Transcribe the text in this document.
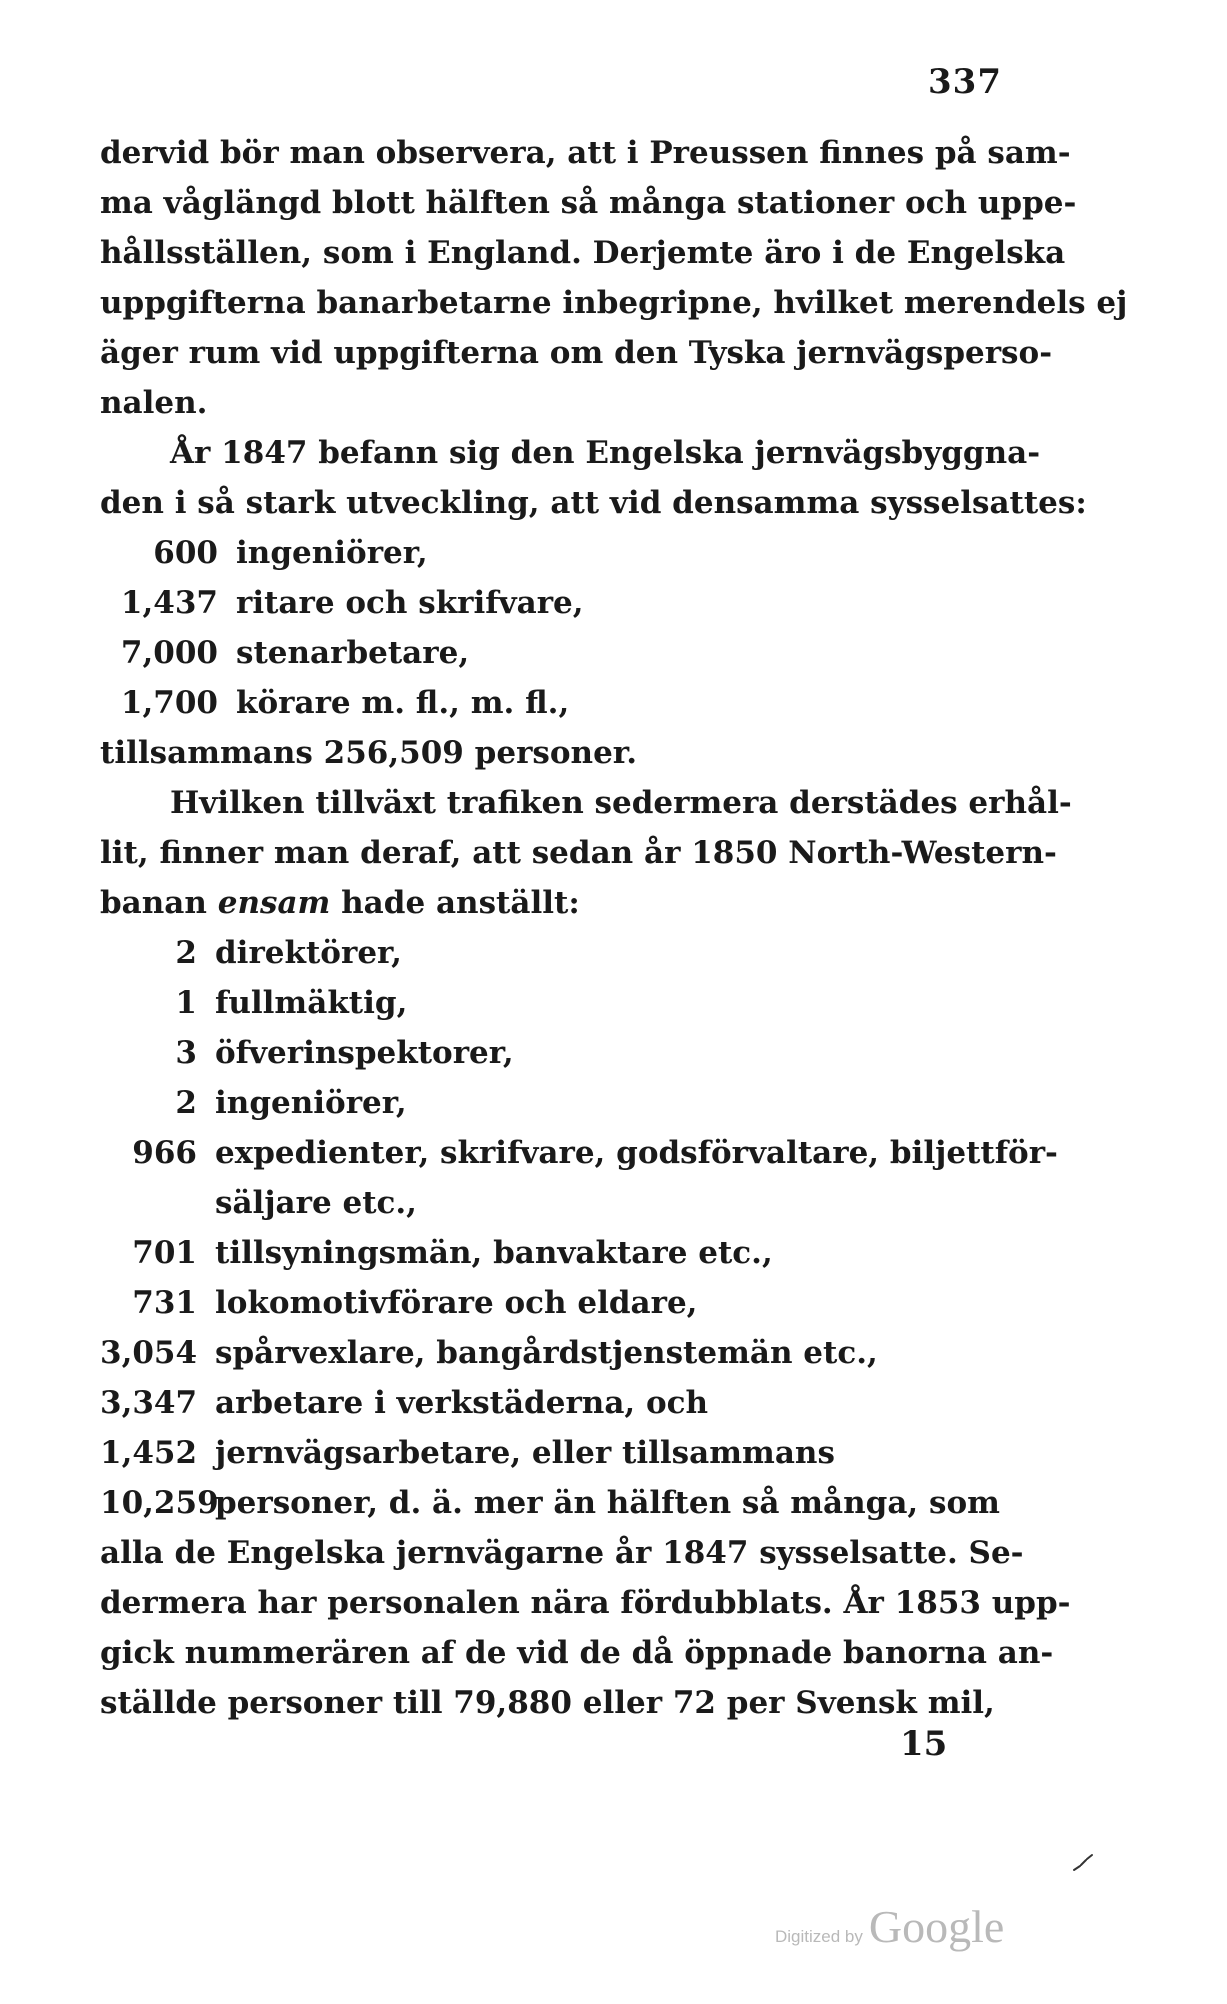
337
dervid bör man observera, att i Preussen finnes på sam-
ma våglängd blott hälften så många stationer och uppe-
hållsställen, som i England. Derjemte äro i de Engelska
uppgifterna banarbetarne inbegripne, hvilket merendels ej
äger rum vid uppgifterna om den Tyska jernvägsperso-
nalen.
År 1847 befann sig den Engelska jernvägsbyggna-
den i så stark utveckling, att vid densamma sysselsattes:
600 ingeniörer,
1,437 ritare och skrifvare,
7,000 stenarbetare,
1,700 körare m. fl., m. fl.,
tillsammans 256,509 personer.
Hvilken tillväxt trafiken sedermera derstädes erhål-
lit, finner man deraf, att sedan år 1850 North-Western-
banan
ensam
hade anställt:
2 direktörer,
1 fullmäktig,
3 öfverinspektorer,
2 ingeniörer,
966 expedienter, skrifvare, godsförvaltare, biljettför-
säljare etc.,
701 tillsyningsmän, banvaktare etc.,
731 lokomotivförare och eldare,
3,054 spårvexlare, bangårdstjenstemän etc.,
3,347 arbetare i verkstäderna, och
1,452 jernvägsarbetare, eller tillsammans
10,259
personer, d. ä. mer än hälften så många, som
alla de Engelska jernvägarne år 1847 sysselsatte. Se-
dermera har personalen nära fördubblats. År 1853 upp-
gick nummerären af de vid de då öppnade banorna an-
ställde personer till 79,880 eller 72 per Svensk mil,
15
Digitized by Google
